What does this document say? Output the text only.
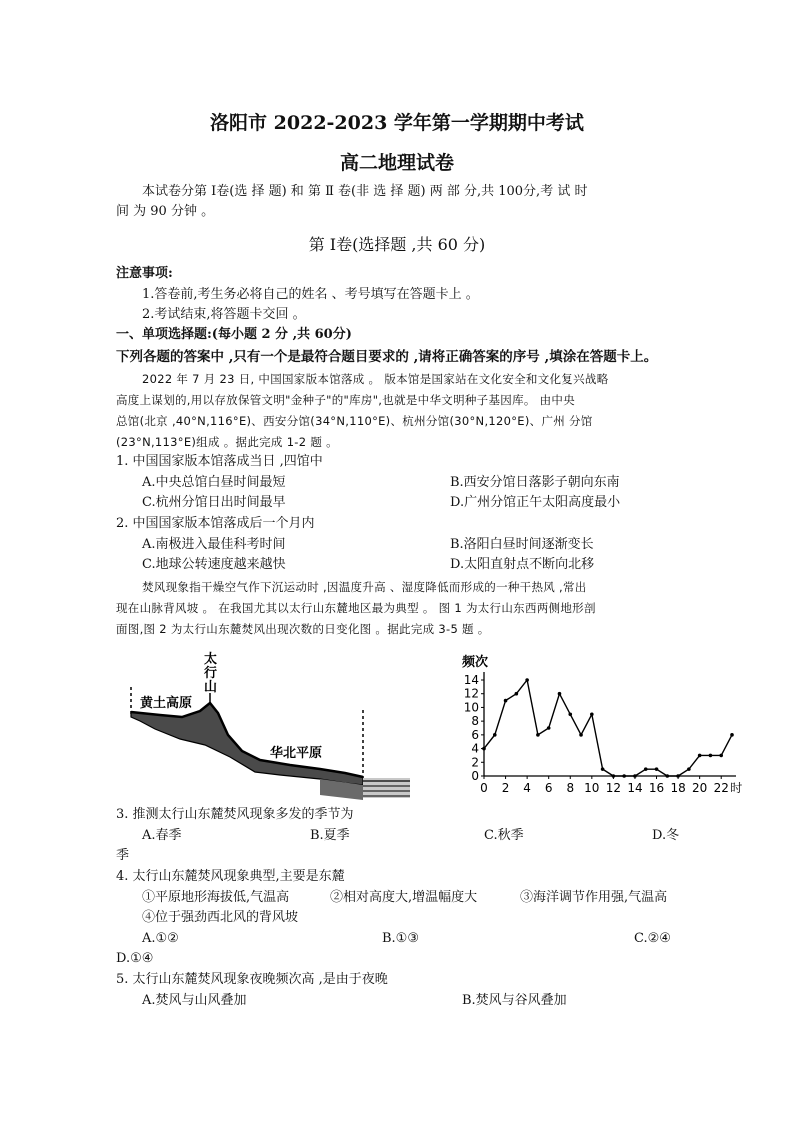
洛阳市 2022-2023 学年第一学期期中考试
高二地理试卷
本试卷分第 I卷(选 择 题) 和 第 Ⅱ 卷(非 选 择 题) 两 部 分,共 100分,考 试 时
间 为 90 分钟 。
第 I卷(选择题 ,共 60 分)
注意事项:
1.答卷前,考生务必将自己的姓名 、考号填写在答题卡上 。
2.考试结束,将答题卡交回 。
一、单项选择题:(每小题 2 分 ,共 60分)
下列各题的答案中 ,只有一个是最符合题目要求的 ,请将正确答案的序号 ,填涂在答题卡上。
2022 年 7 月 23 日, 中国国家版本馆落成 。 版本馆是国家站在文化安全和文化复兴战略
高度上谋划的,用以存放保管文明"金种子"的"库房",也就是中华文明种子基因库。 由中央
总馆(北京 ,40°N,116°E)、西安分馆(34°N,110°E)、杭州分馆(30°N,120°E)、广州 分馆
(23°N,113°E)组成 。据此完成 1-2 题 。
1. 中国国家版本馆落成当日 ,四馆中
A.中央总馆白昼时间最短	B.西安分馆日落影子朝向东南
C.杭州分馆日出时间最早	D.广州分馆正午太阳高度最小
2. 中国国家版本馆落成后一个月内
A.南极进入最佳科考时间	B.洛阳白昼时间逐渐变长
C.地球公转速度越来越快	D.太阳直射点不断向北移
焚风现象指干燥空气作下沉运动时 ,因温度升高 、湿度降低而形成的一种干热风 ,常出
现在山脉背风坡 。 在我国尤其以太行山东麓地区最为典型 。 图 1 为太行山东西两侧地形剖
面图,图 2 为太行山东麓焚风出现次数的日变化图 。据此完成 3-5 题 。
黄土高原
太
行
山
华北平原
0
2
4
6
8
10
12
14
0 2 4 6 8 10 12 14 16 18 20 22
频次
时
3. 推测太行山东麓焚风现象多发的季节为
A.春季	B.夏季	C.秋季	D.冬
季
4. 太行山东麓焚风现象典型,主要是东麓
①平原地形海拔低,气温高	②相对高度大,增温幅度大	③海洋调节作用强,气温高
④位于强劲西北风的背风坡
A.①②	B.①③	C.②④
D.①④
5. 太行山东麓焚风现象夜晚频次高 ,是由于夜晚
A.焚风与山风叠加	B.焚风与谷风叠加
